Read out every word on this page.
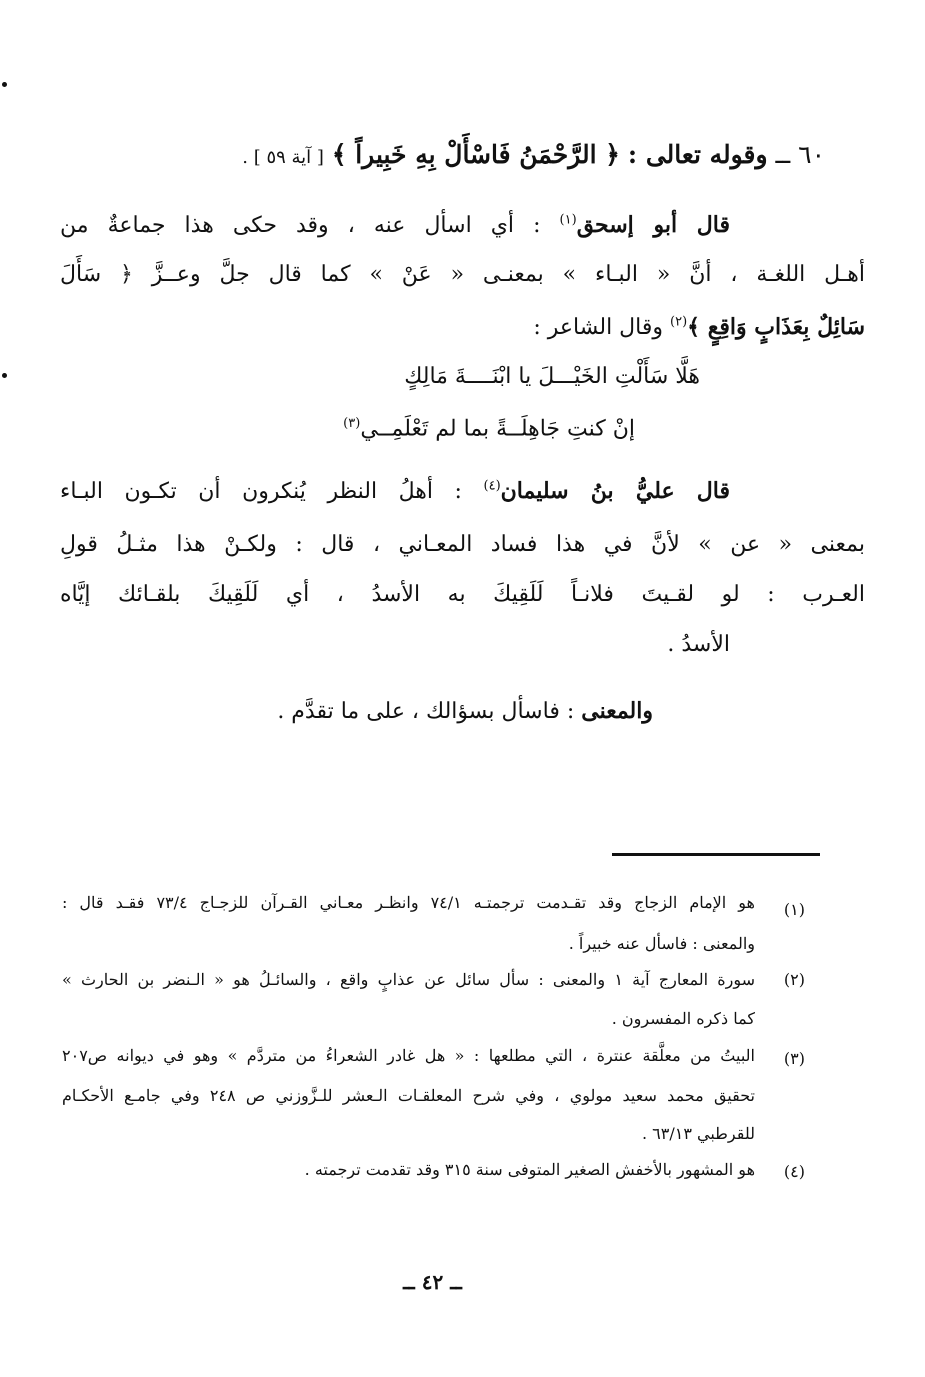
٦٠ ــ وقوله تعالى : ﴿ الرَّحْمَنُ فَاسْأَلْ بِهِ خَبِيراً ﴾ [ آية ٥٩ ] .
قال أبو إسحق$^{(١)}$ : أي اسأل عنه ، وقد حكى هذا جماعةٌ من
أهـل اللغـة ، أنَّ « البـاء » بمعنـى « عَنْ » كما قال جلَّ وعــزَّ ﴿ سَأَلَ
سَائِلٌ بِعَذَابٍ وَاقِعٍ ﴾$^{(٢)}$ وقال الشاعر :
هَلَّا سَأَلْتِ الخَيْـــلَ يا ابْنَــــةَ مَالِكٍ
إنْ كنتِ جَاهِلَــةً بما لم تَعْلَمِــي$^{(٣)}$
قال عليُّ بنُ سليمان$^{(٤)}$ : أهلُ النظر يُنكرون أن تكـون البـاء
بمعنى « عن » لأنَّ في هذا فساد المعـاني ، قال : ولكـنْ هذا مثـلُ قولِ
العـرب : لو لقـيتَ فلانـاً لَلَقِيكَ به الأسدُ ، أي لَلَقِيكَ بلقـائك إيَّاه
الأسدُ .
والمعنى : فاسأل بسؤالك ، على ما تقدَّم .
(١)
هو الإمام الزجاج وقد تقـدمت ترجمتـه ٧٤/١ وانظـر معـاني القـرآن للزجـاج ٧٣/٤ فقـد قال :
والمعنى : فاسأل عنه خبيراً .
(٢)
سورة المعارج آية ١ والمعنى : سأل سائل عن عذابٍ واقع ، والسائـلُ هو « الـنضر بن الحارث »
كما ذكره المفسرون .
(٣)
البيتُ من معلَّقة عنترة ، التي مطلعها : « هل غادر الشعراءُ من متردَّم » وهو في ديوانه ص٢٠٧
تحقيق محمد سعيد مولوي ، وفي شرح المعلقـات الـعشر للـزَّوزني ص ٢٤٨ وفي جامـع الأحكـام
للقرطبي ٦٣/١٣ .
(٤)
هو المشهور بالأخفش الصغير المتوفى سنة ٣١٥ وقد تقدمت ترجمته .
ــ ٤٢ ــ
